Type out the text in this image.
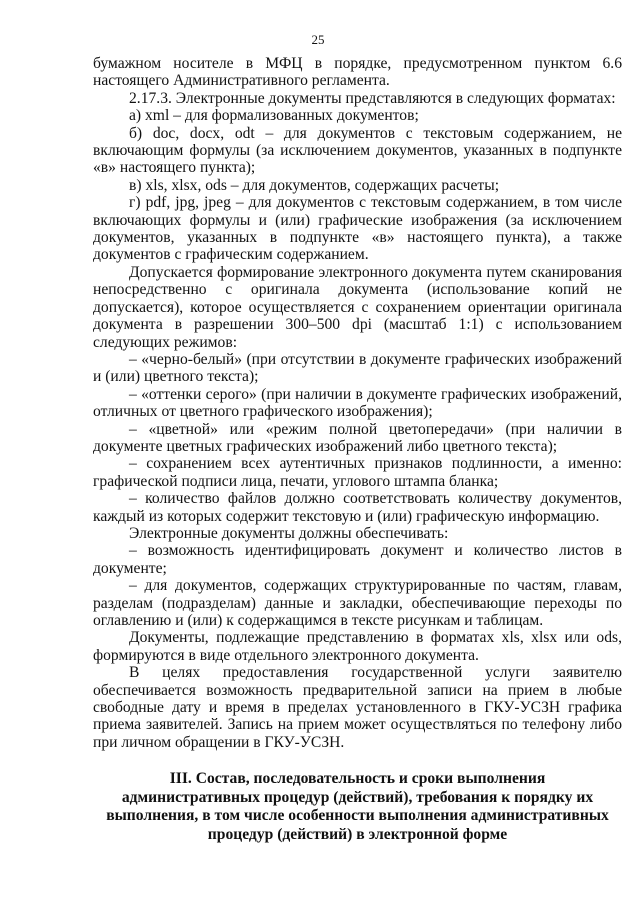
25

бумажном носителе в МФЦ в порядке, предусмотренном пунктом 6.6 настоящего Административного регламента.

2.17.3. Электронные документы представляются в следующих форматах:

а) xml – для формализованных документов;

б) doc, docx, odt – для документов с текстовым содержанием, не включающим формулы (за исключением документов, указанных в подпункте «в» настоящего пункта);

в) xls, xlsx, ods – для документов, содержащих расчеты;

г) pdf, jpg, jpeg – для документов с текстовым содержанием, в том числе включающих формулы и (или) графические изображения (за исключением документов, указанных в подпункте «в» настоящего пункта), а также документов с графическим содержанием.

Допускается формирование электронного документа путем сканирования непосредственно с оригинала документа (использование копий не допускается), которое осуществляется с сохранением ориентации оригинала документа в разрешении 300–500 dpi (масштаб 1:1) с использованием следующих режимов:

– «черно-белый» (при отсутствии в документе графических изображений и (или) цветного текста);

– «оттенки серого» (при наличии в документе графических изображений, отличных от цветного графического изображения);

– «цветной» или «режим полной цветопередачи» (при наличии в документе цветных графических изображений либо цветного текста);

– сохранением всех аутентичных признаков подлинности, а именно: графической подписи лица, печати, углового штампа бланка;

– количество файлов должно соответствовать количеству документов, каждый из которых содержит текстовую и (или) графическую информацию.

Электронные документы должны обеспечивать:

– возможность идентифицировать документ и количество листов в документе;

– для документов, содержащих структурированные по частям, главам, разделам (подразделам) данные и закладки, обеспечивающие переходы по оглавлению и (или) к содержащимся в тексте рисункам и таблицам.

Документы, подлежащие представлению в форматах xls, xlsx или ods, формируются в виде отдельного электронного документа.

В целях предоставления государственной услуги заявителю обеспечивается возможность предварительной записи на прием в любые свободные дату и время в пределах установленного в ГКУ-УСЗН графика приема заявителей. Запись на прием может осуществляться по телефону либо при личном обращении в ГКУ-УСЗН.

III. Состав, последовательность и сроки выполнения

административных процедур (действий), требования к порядку их

выполнения, в том числе особенности выполнения административных

процедур (действий) в электронной форме
